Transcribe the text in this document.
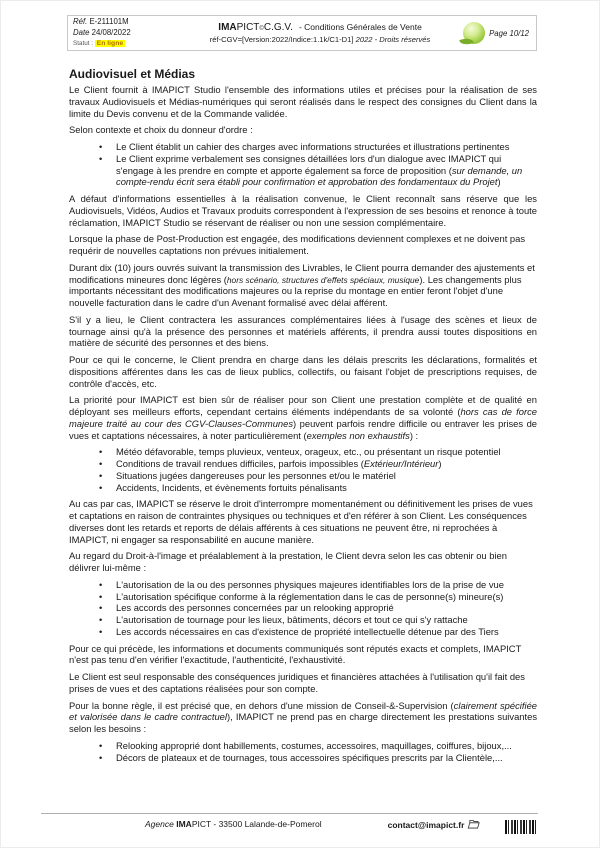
Réf. E-211101M
Date 24/08/2022
Statut : En ligne
IMAPICT©C.G.V. - Conditions Générales de Vente
réf-CGV=[Version:2022/Indice:1.1k/C1-D1] 2022 - Droits réservés
Page 10/12
Audiovisuel et Médias

Le Client fournit à IMAPICT Studio l'ensemble des informations utiles et précises pour la réalisation de ses travaux Audiovisuels et Médias-numériques qui seront réalisés dans le respect des consignes du Client dans la limite du Devis convenu et de la Commande validée.

Selon contexte et choix du donneur d'ordre :

• Le Client établit un cahier des charges avec informations structurées et illustrations pertinentes
• Le Client exprime verbalement ses consignes détaillées lors d'un dialogue avec IMAPICT qui s'engage à les prendre en compte et apporte également sa force de proposition (sur demande, un compte-rendu écrit sera établi pour confirmation et approbation des fondamentaux du Projet)

A défaut d'informations essentielles à la réalisation convenue, le Client reconnaît sans réserve que les Audiovisuels, Vidéos, Audios et Travaux produits correspondent à l'expression de ses besoins et renonce à toute réclamation, IMAPICT Studio se réservant de réaliser ou non une session complémentaire.

Lorsque la phase de Post-Production est engagée, des modifications deviennent complexes et ne doivent pas requérir de nouvelles captations non prévues initialement.

Durant dix (10) jours ouvrés suivant la transmission des Livrables, le Client pourra demander des ajustements et modifications mineures donc légères (hors scénario, structures d'effets spéciaux, musique). Les changements plus importants nécessitant des modifications majeures ou la reprise du montage en entier feront l'objet d'une nouvelle facturation dans le cadre d'un Avenant formalisé avec délai afférent.

S'il y a lieu, le Client contractera les assurances complémentaires liées à l'usage des scènes et lieux de tournage ainsi qu'à la présence des personnes et matériels afférents, il prendra aussi toutes dispositions en matière de sécurité des personnes et des biens.

Pour ce qui le concerne, le Client prendra en charge dans les délais prescrits les déclarations, formalités et dispositions afférentes dans les cas de lieux publics, collectifs, ou faisant l'objet de prescriptions requises, de contrôle d'accès, etc.

La priorité pour IMAPICT est bien sûr de réaliser pour son Client une prestation complète et de qualité en déployant ses meilleurs efforts, cependant certains éléments indépendants de sa volonté (hors cas de force majeure traité au cour des CGV-Clauses-Communes) peuvent parfois rendre difficile ou entraver les prises de vues et captations nécessaires, à noter particulièrement (exemples non exhaustifs) :

• Météo défavorable, temps pluvieux, venteux, orageux, etc., ou présentant un risque potentiel
• Conditions de travail rendues difficiles, parfois impossibles (Extérieur/Intérieur)
• Situations jugées dangereuses pour les personnes et/ou le matériel
• Accidents, Incidents, et évènements fortuits pénalisants

Au cas par cas, IMAPICT se réserve le droit d'interrompre momentanément ou définitivement les prises de vues et captations en raison de contraintes physiques ou techniques et d'en référer à son Client. Les conséquences diverses dont les retards et reports de délais afférents à ces situations ne peuvent être, ni reprochées à IMAPICT, ni engager sa responsabilité en aucune manière.

Au regard du Droit-à-l'image et préalablement à la prestation, le Client devra selon les cas obtenir ou bien délivrer lui-même :

• L'autorisation de la ou des personnes physiques majeures identifiables lors de la prise de vue
• L'autorisation spécifique conforme à la réglementation dans le cas de personne(s) mineure(s)
• Les accords des personnes concernées par un relooking approprié
• L'autorisation de tournage pour les lieux, bâtiments, décors et tout ce qui s'y rattache
• Les accords nécessaires en cas d'existence de propriété intellectuelle détenue par des Tiers

Pour ce qui précède, les informations et documents communiqués sont réputés exacts et complets, IMAPICT n'est pas tenu d'en vérifier l'exactitude, l'authenticité, l'exhaustivité.

Le Client est seul responsable des conséquences juridiques et financières attachées à l'utilisation qu'il fait des prises de vues et des captations réalisées pour son compte.

Pour la bonne règle, il est précisé que, en dehors d'une mission de Conseil-&-Supervision (clairement spécifiée et valorisée dans le cadre contractuel), IMAPICT ne prend pas en charge directement les prestations suivantes selon les besoins :

• Relooking approprié dont habillements, costumes, accessoires, maquillages, coiffures, bijoux,...
• Décors de plateaux et de tournages, tous accessoires spécifiques prescrits par la Clientèle,...
Agence IMAPICT - 33500 Lalande-de-Pomerol	contact@imapict.fr
